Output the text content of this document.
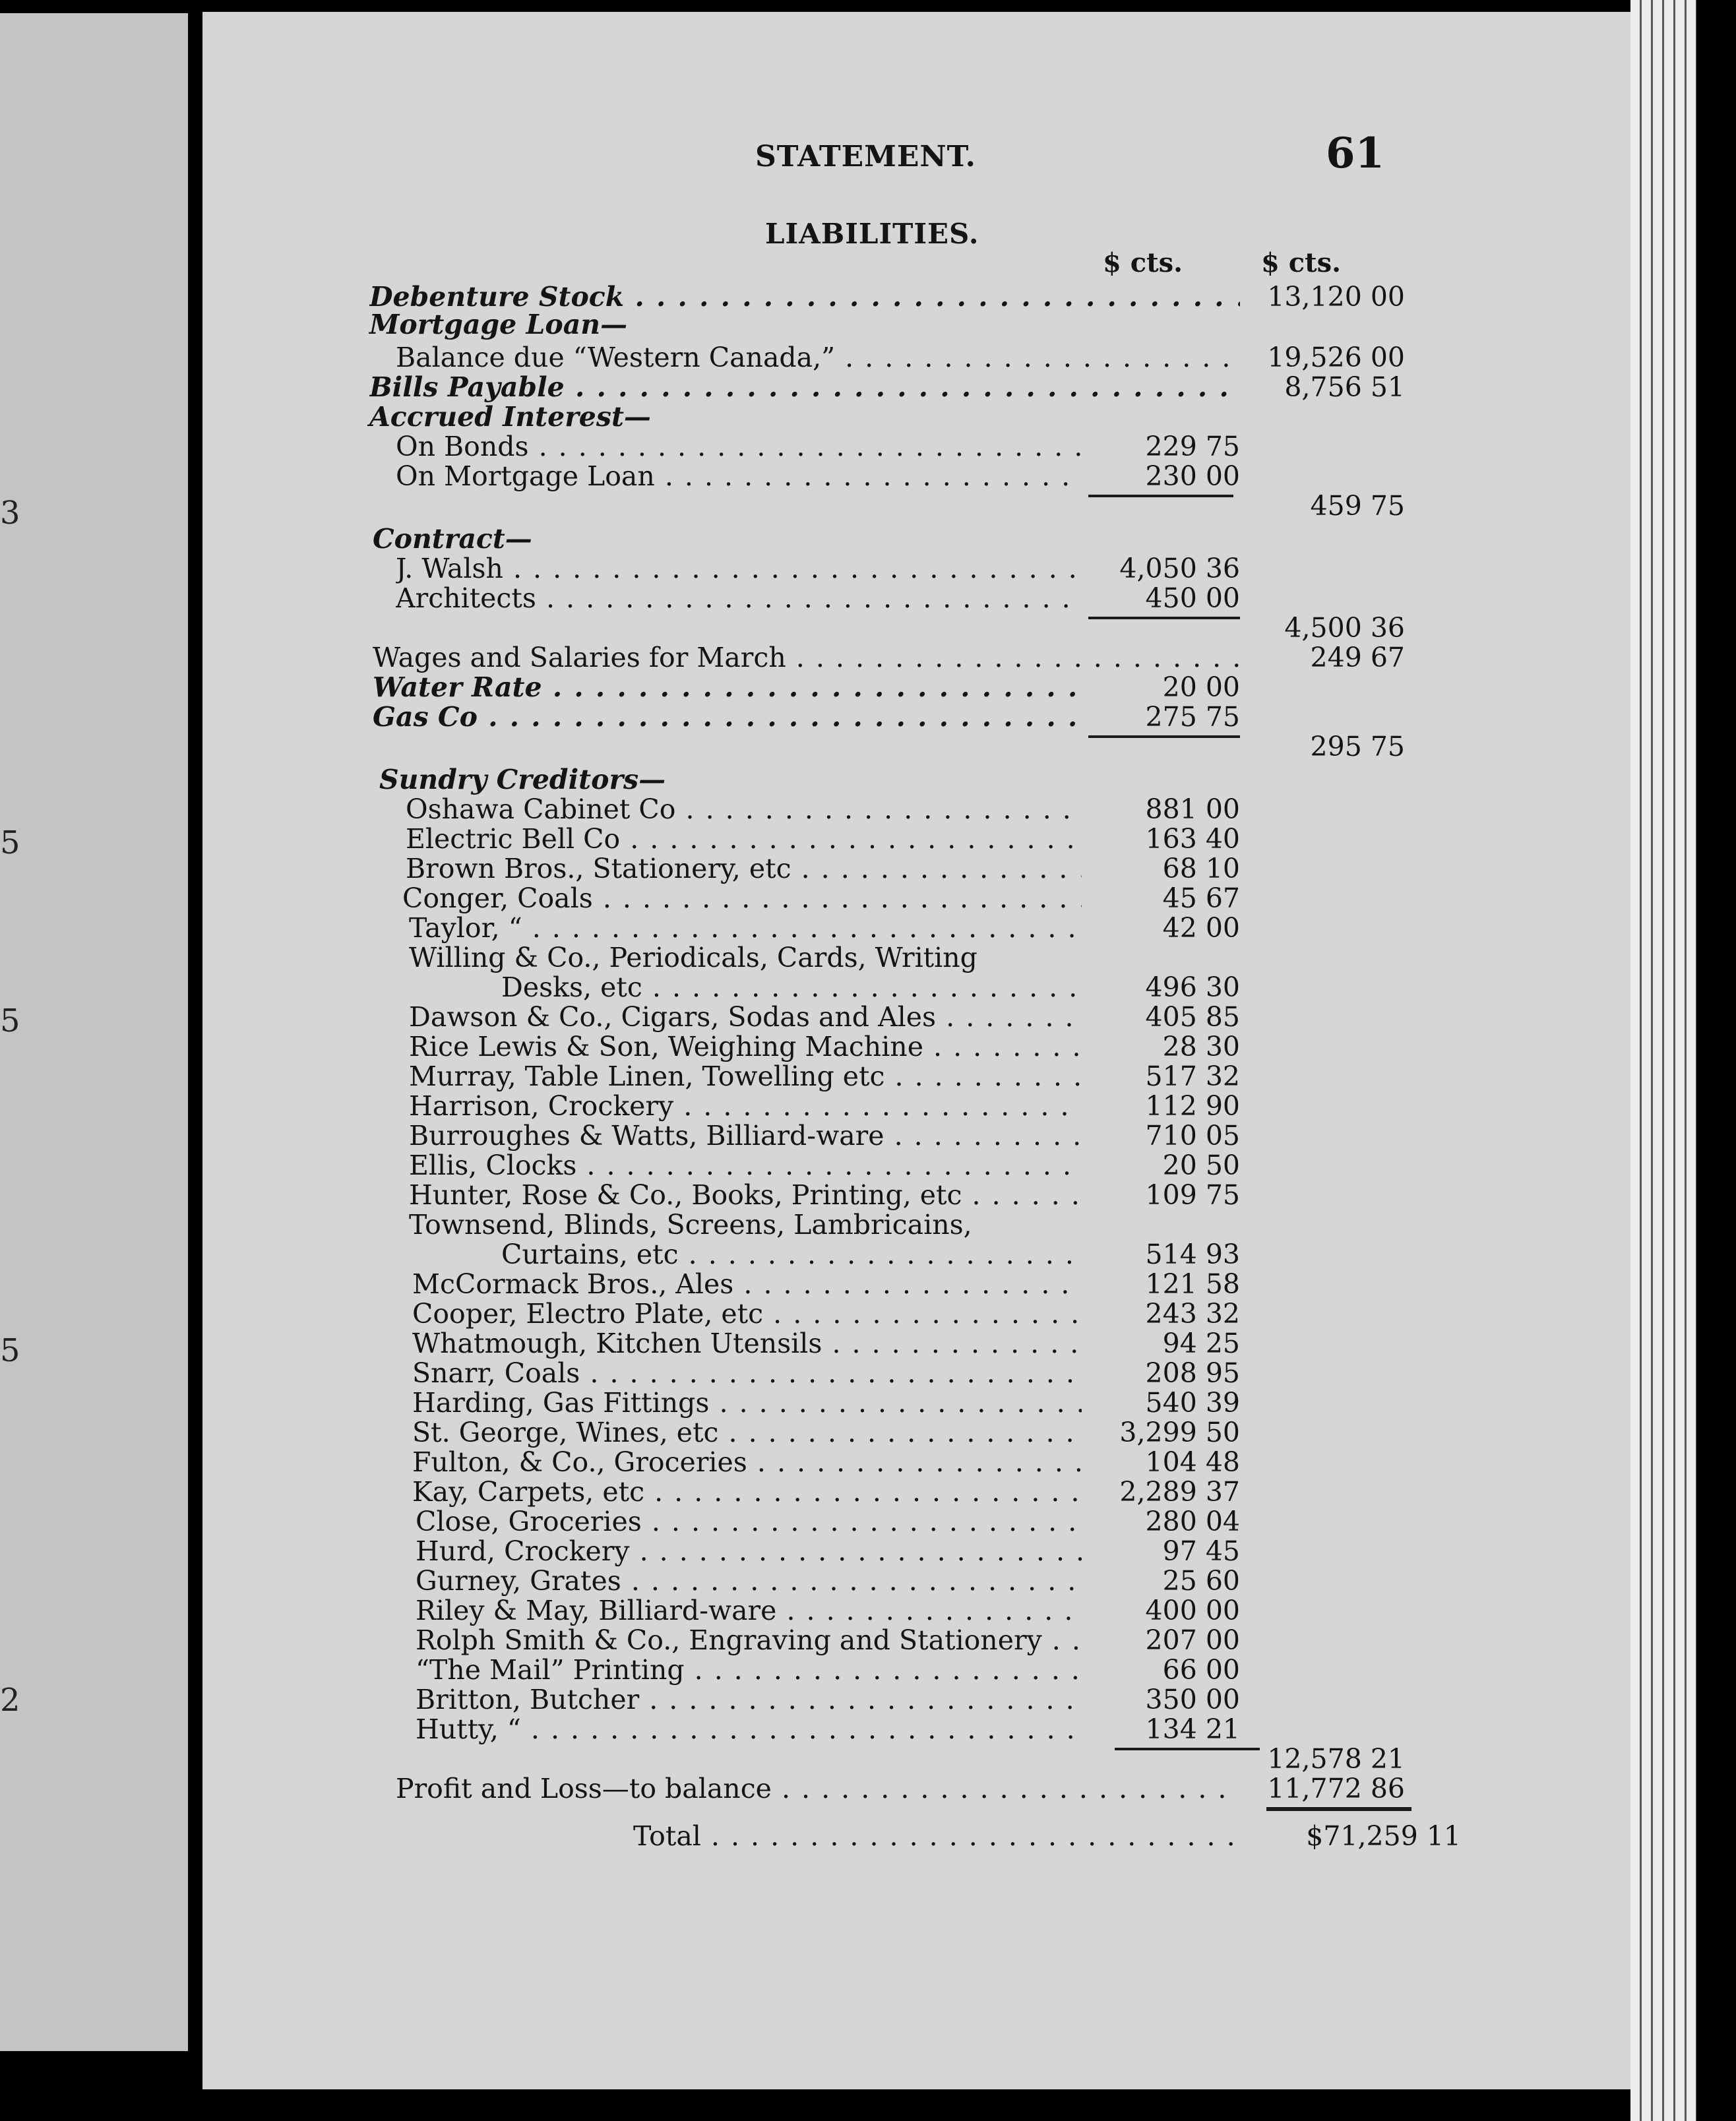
3
5
5
5
2
STATEMENT.	61
LIABILITIES.
$ cts.	$ cts.
Debenture Stock . . .	13,120 00
Mortgage Loan—
Balance due “Western Canada,” . . .	19,526 00
Bills Payable . . .	8,756 51
Accrued Interest—
On Bonds . . .	229 75
On Mortgage Loan . . .	230 00
459 75
Contract—
J. Walsh . . .	4,050 36
Architects . . .	450 00
4,500 36
Wages and Salaries for March . . .	249 67
Water Rate . . .	20 00
Gas Co . . .	275 75
295 75
Sundry Creditors—
Oshawa Cabinet Co . . .	881 00
Electric Bell Co . . .	163 40
Brown Bros., Stationery, etc . . .	68 10
Conger, Coals . . .	45 67
Taylor, “ . . .	42 00
Willing & Co., Periodicals, Cards, Writing
Desks, etc . . .	496 30
Dawson & Co., Cigars, Sodas and Ales . . .	405 85
Rice Lewis & Son, Weighing Machine . . .	28 30
Murray, Table Linen, Towelling etc . . .	517 32
Harrison, Crockery . . .	112 90
Burroughes & Watts, Billiard-ware . . .	710 05
Ellis, Clocks . . .	20 50
Hunter, Rose & Co., Books, Printing, etc . . .	109 75
Townsend, Blinds, Screens, Lambricains,
Curtains, etc . . .	514 93
McCormack Bros., Ales . . .	121 58
Cooper, Electro Plate, etc . . .	243 32
Whatmough, Kitchen Utensils . . .	94 25
Snarr, Coals . . .	208 95
Harding, Gas Fittings . . .	540 39
St. George, Wines, etc . . .	3,299 50
Fulton, & Co., Groceries . . .	104 48
Kay, Carpets, etc . . .	2,289 37
Close, Groceries . . .	280 04
Hurd, Crockery . . .	97 45
Gurney, Grates . . .	25 60
Riley & May, Billiard-ware . . .	400 00
Rolph Smith & Co., Engraving and Stationery . . .	207 00
“The Mail” Printing . . .	66 00
Britton, Butcher . . .	350 00
Hutty, “ . . .	134 21
12,578 21
Profit and Loss—to balance . . .	11,772 86
Total . . .	$71,259 11
